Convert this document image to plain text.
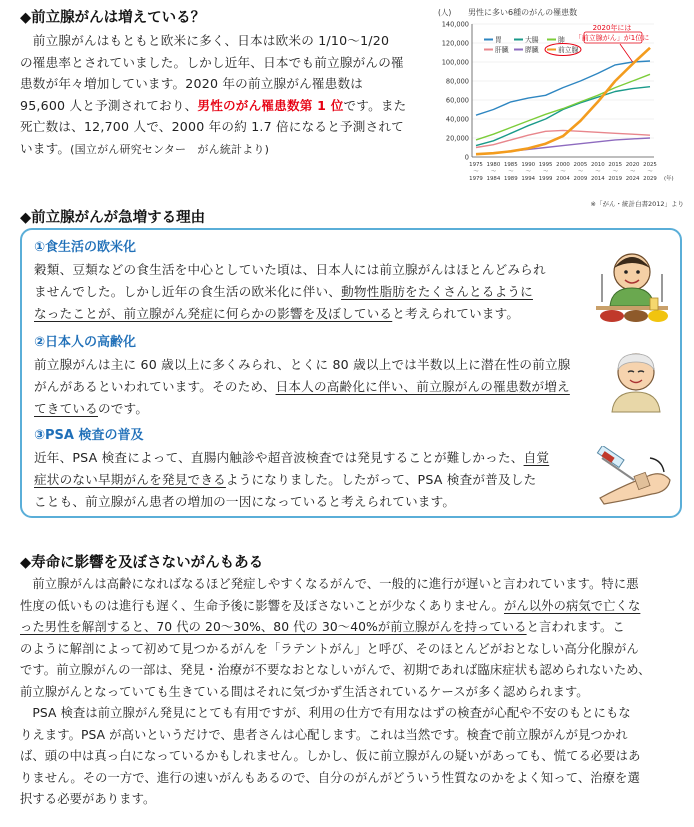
◆前立腺がんは増えている？
　前立腺がんはもともと欧米に多く、日本は欧米の 1/10〜1/20
の罹患率とされていました。しかし近年、日本でも前立腺がんの罹
患数が年々増加しています。2020 年の前立腺がん罹患数は
95,600 人と予測されており、男性のがん罹患数第 1 位です。また
死亡数は、12,700 人で、2000 年の約 1.7 倍になると予測されて
います。(国立がん研究センター　がん統計より)
(人) 男性に多い6種のがんの罹患数
0
20,000
40,000
60,000
80,000
100,000
120,000
140,000
1975
〜
1979
1980
〜
1984
1985
〜
1989
1990
〜
1994
1995
〜
1999
2000
〜
2004
2005
〜
2009
2010
〜
2014
2015
〜
2019
2020
〜
2024
2025
〜
2029 (年)
胃	大腸	肺
肝臓 膵臓	前立腺
2020年には
「前立腺がん」が1位に
※「がん・統計白書2012」より
◆前立腺がんが急増する理由
①食生活の欧米化
穀類、豆類などの食生活を中心としていた頃は、日本人には前立腺がんはほとんどみられ
ませんでした。しかし近年の食生活の欧米化に伴い、動物性脂肪をたくさんとるように
なったことが、前立腺がん発症に何らかの影響を及ぼしていると考えられています。
②日本人の高齢化
前立腺がんは主に 60 歳以上に多くみられ、とくに 80 歳以上では半数以上に潜在性の前立腺
がんがあるといわれています。そのため、日本人の高齢化に伴い、前立腺がんの罹患数が増え
てきているのです。
③PSA 検査の普及
近年、PSA 検査によって、直腸内触診や超音波検査では発見することが難しかった、自覚
症状のない早期がんを発見できるようになりました。したがって、PSA 検査が普及した
ことも、前立腺がん患者の増加の一因になっていると考えられています。
◆寿命に影響を及ぼさないがんもある
　前立腺がんは高齢になればなるほど発症しやすくなるがんで、一般的に進行が遅いと言われています。特に悪
性度の低いものは進行も遅く、生命予後に影響を及ぼさないことが少なくありません。がん以外の病気で亡くな
った男性を解剖すると、70 代の 20〜30%、80 代の 30〜40%が前立腺がんを持っていると言われます。こ
のように解剖によって初めて見つかるがんを「ラテントがん」と呼び、そのほとんどがおとなしい高分化腺がん
です。前立腺がんの一部は、発見・治療が不要なおとなしいがんで、初期であれば臨床症状も認められないため、
前立腺がんとなっていても生きている間はそれに気づかず生活されているケースが多く認められます。
　PSA 検査は前立腺がん発見にとても有用ですが、利用の仕方で有用なはずの検査が心配や不安のもとにもな
りえます。PSA が高いというだけで、患者さんは心配します。これは当然です。検査で前立腺がんが見つかれ
ば、頭の中は真っ白になっているかもしれません。しかし、仮に前立腺がんの疑いがあっても、慌てる必要はあ
りません。その一方で、進行の速いがんもあるので、自分のがんがどういう性質なのかをよく知って、治療を選
択する必要があります。
